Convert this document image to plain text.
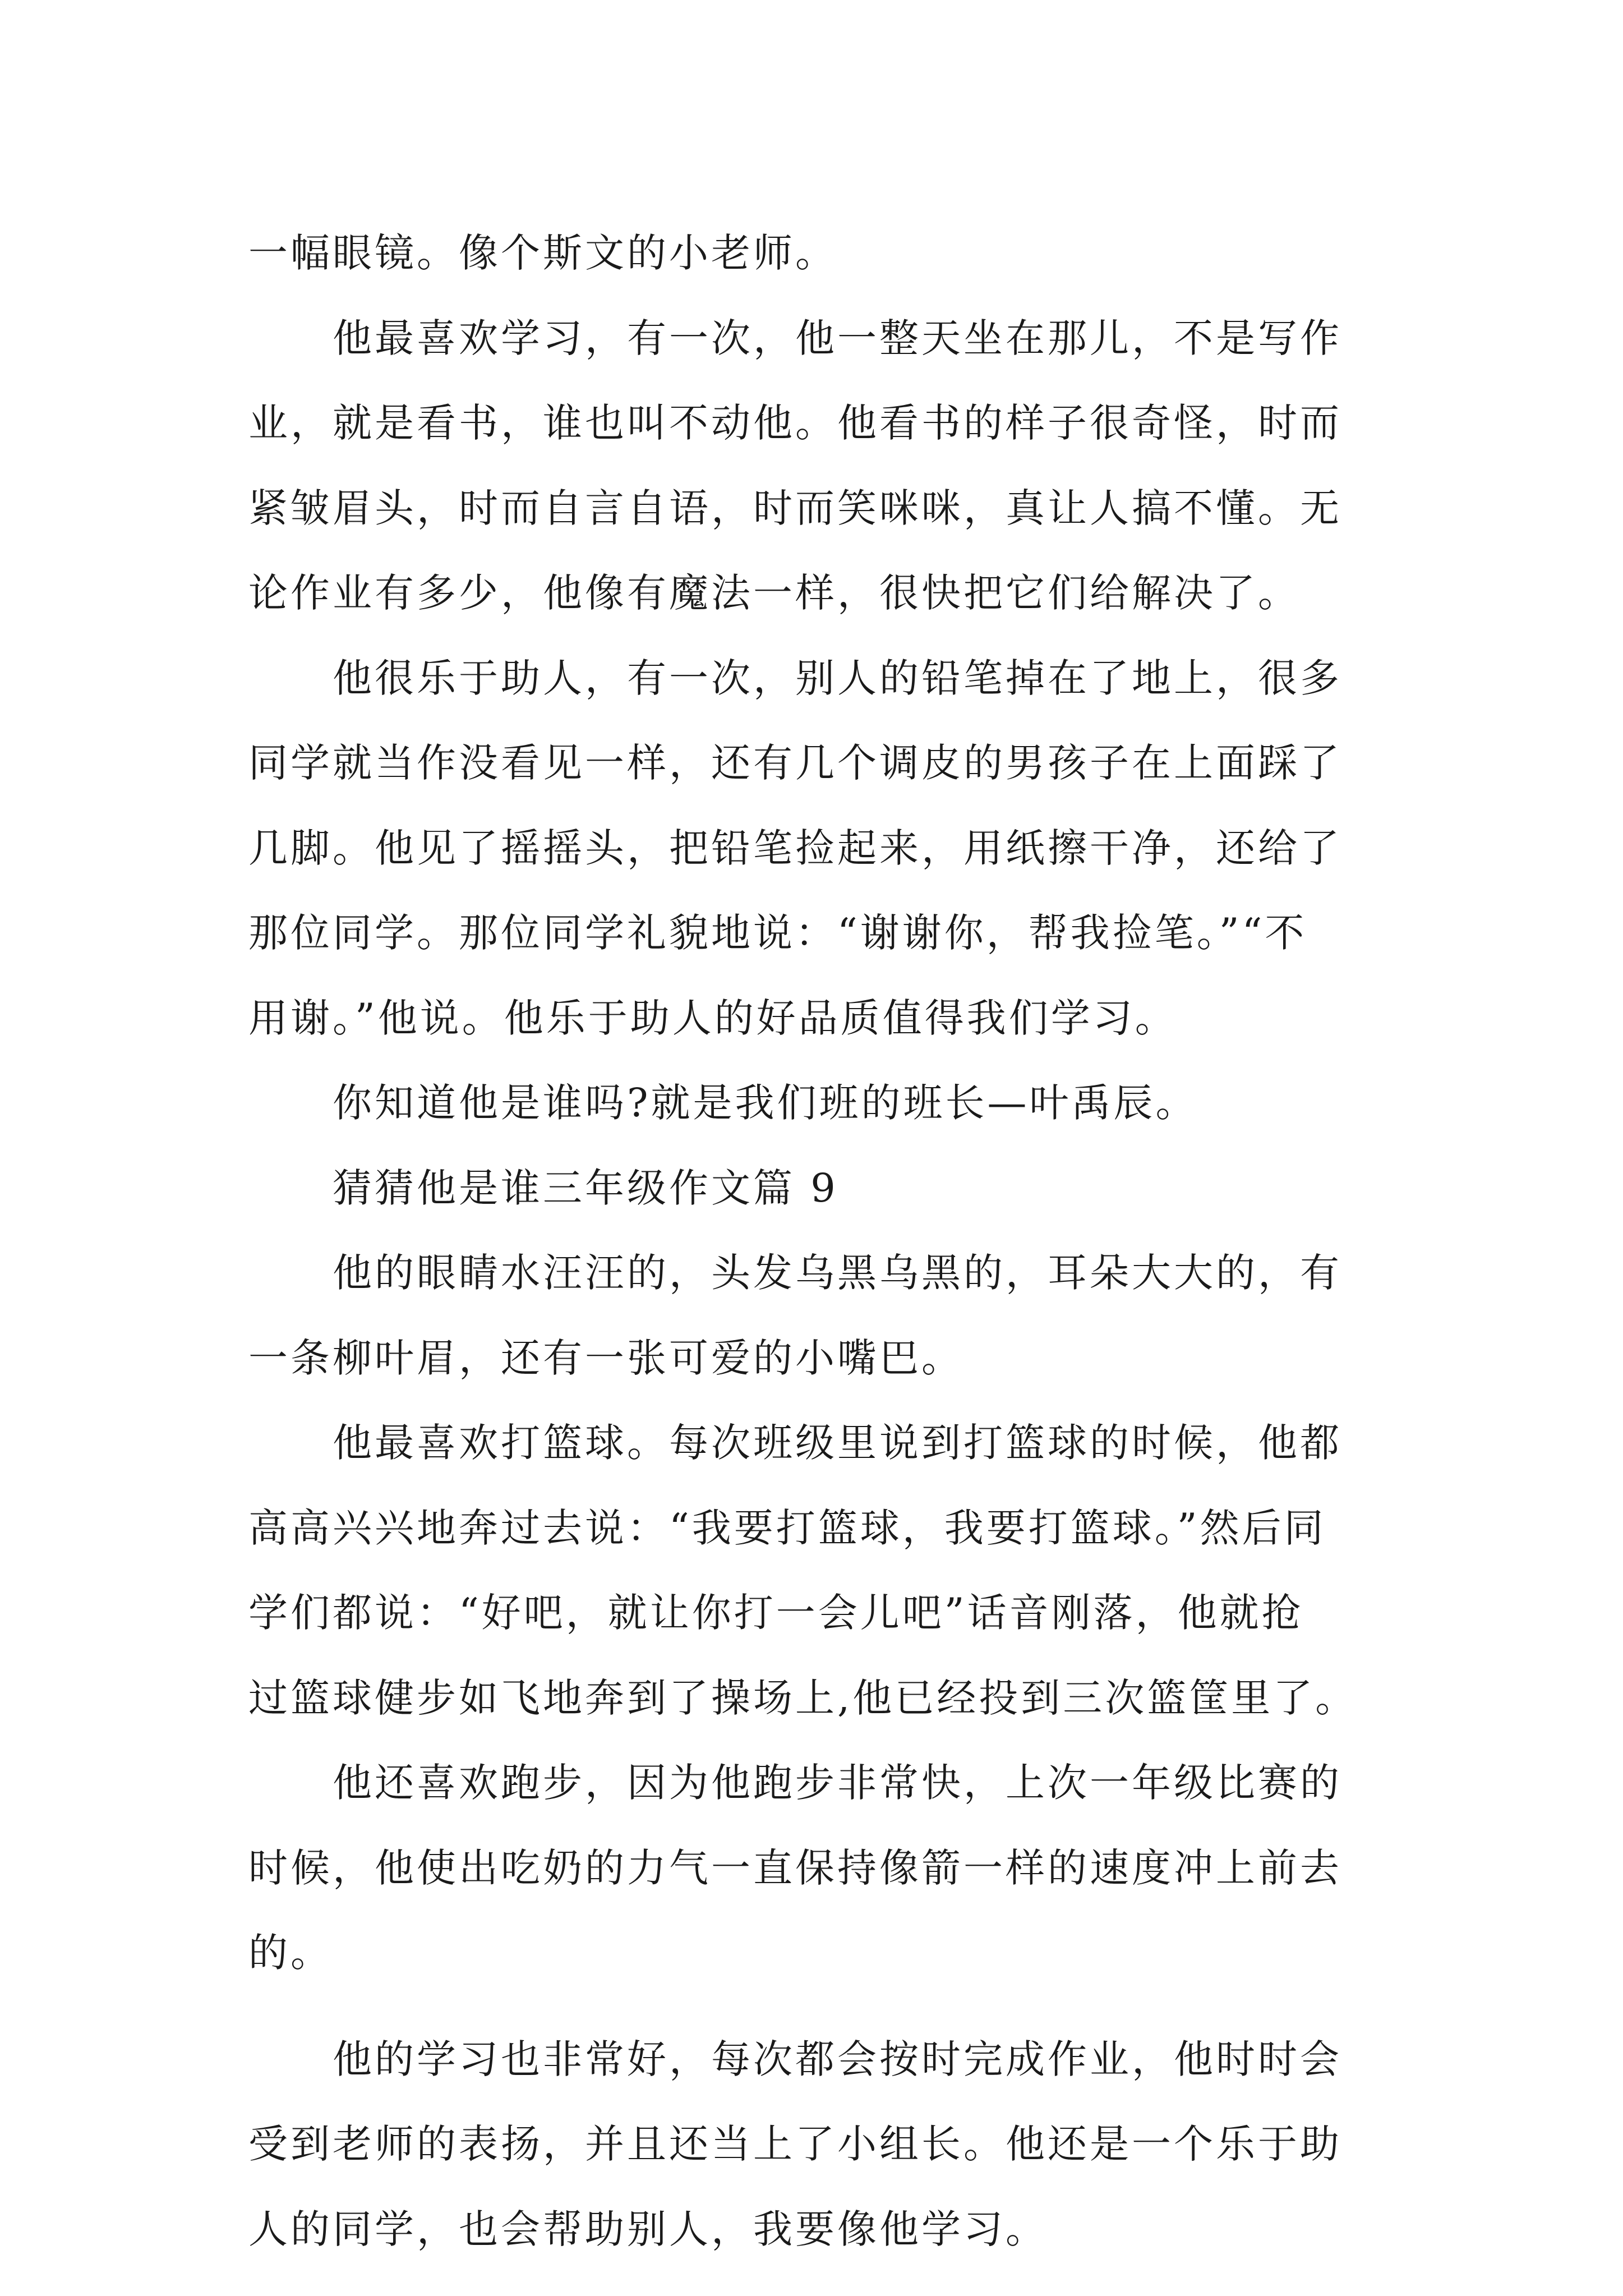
一幅眼镜。像个斯文的小老师。
他最喜欢学习，有一次，他一整天坐在那儿，不是写作
业，就是看书，谁也叫不动他。他看书的样子很奇怪，时而
紧皱眉头，时而自言自语，时而笑咪咪，真让人搞不懂。无
论作业有多少，他像有魔法一样，很快把它们给解决了。
他很乐于助人，有一次，别人的铅笔掉在了地上，很多
同学就当作没看见一样，还有几个调皮的男孩子在上面踩了
几脚。他见了摇摇头，把铅笔捡起来，用纸擦干净，还给了
那位同学。那位同学礼貌地说：“谢谢你，帮我捡笔。”“不
用谢。”他说。他乐于助人的好品质值得我们学习。
你知道他是谁吗?就是我们班的班长—叶禹辰。
猜猜他是谁三年级作文篇 9
他的眼睛水汪汪的，头发乌黑乌黑的，耳朵大大的，有
一条柳叶眉，还有一张可爱的小嘴巴。
他最喜欢打篮球。每次班级里说到打篮球的时候，他都
高高兴兴地奔过去说：“我要打篮球，我要打篮球。”然后同
学们都说：“好吧，就让你打一会儿吧”话音刚落，他就抢
过篮球健步如飞地奔到了操场上,他已经投到三次篮筐里了。
他还喜欢跑步，因为他跑步非常快，上次一年级比赛的
时候，他使出吃奶的力气一直保持像箭一样的速度冲上前去
的。
他的学习也非常好，每次都会按时完成作业，他时时会
受到老师的表扬，并且还当上了小组长。他还是一个乐于助
人的同学，也会帮助别人，我要像他学习。
